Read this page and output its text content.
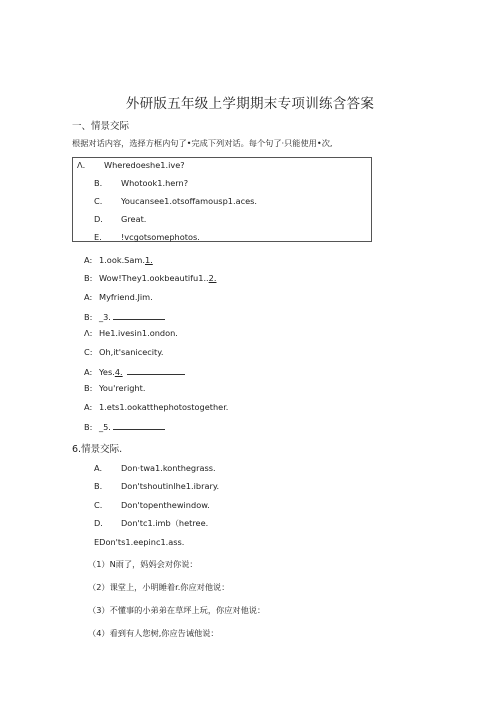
外研版五年级上学期期末专项训练含答案
一、情景交际
根据对话内容，选择方框内句了•完成下列对话。每个句了·只能使用•次,
Λ. Wheredoeshe1.ive?
B. Whotook1.hern?
C. Youcansee1.otsoffamousp1.aces.
D. Great.
E. !vcgotsomephotos.
A: 1.ook.Sam.1.
B: Wow!They1.ookbeautifu1..2.
A: Myfriend.Jim.
B: _3.
Λ: He1.ivesin1.ondon.
C: Oh,it'sanicecity.
A: Yes.4.
B: You'reright.
A: 1.ets1.ookatthephotostogether.
B: _5.
6.情景交际.
A. Don·twa1.konthegrass.
B. Don'tshoutinlhe1.ibrary.
C. Don'topenthewindow.
D. Don'tc1.imb（hetree.
EDon'ts1.eepinc1.ass.
（1）N雨了，妈妈会对你说：
（2）课堂上，小明睡着r.你应对他说：
（3）不懂事的小弟弟在草坪上玩，你应对他说：
（4）看到有人您树,你应告诫他说：
